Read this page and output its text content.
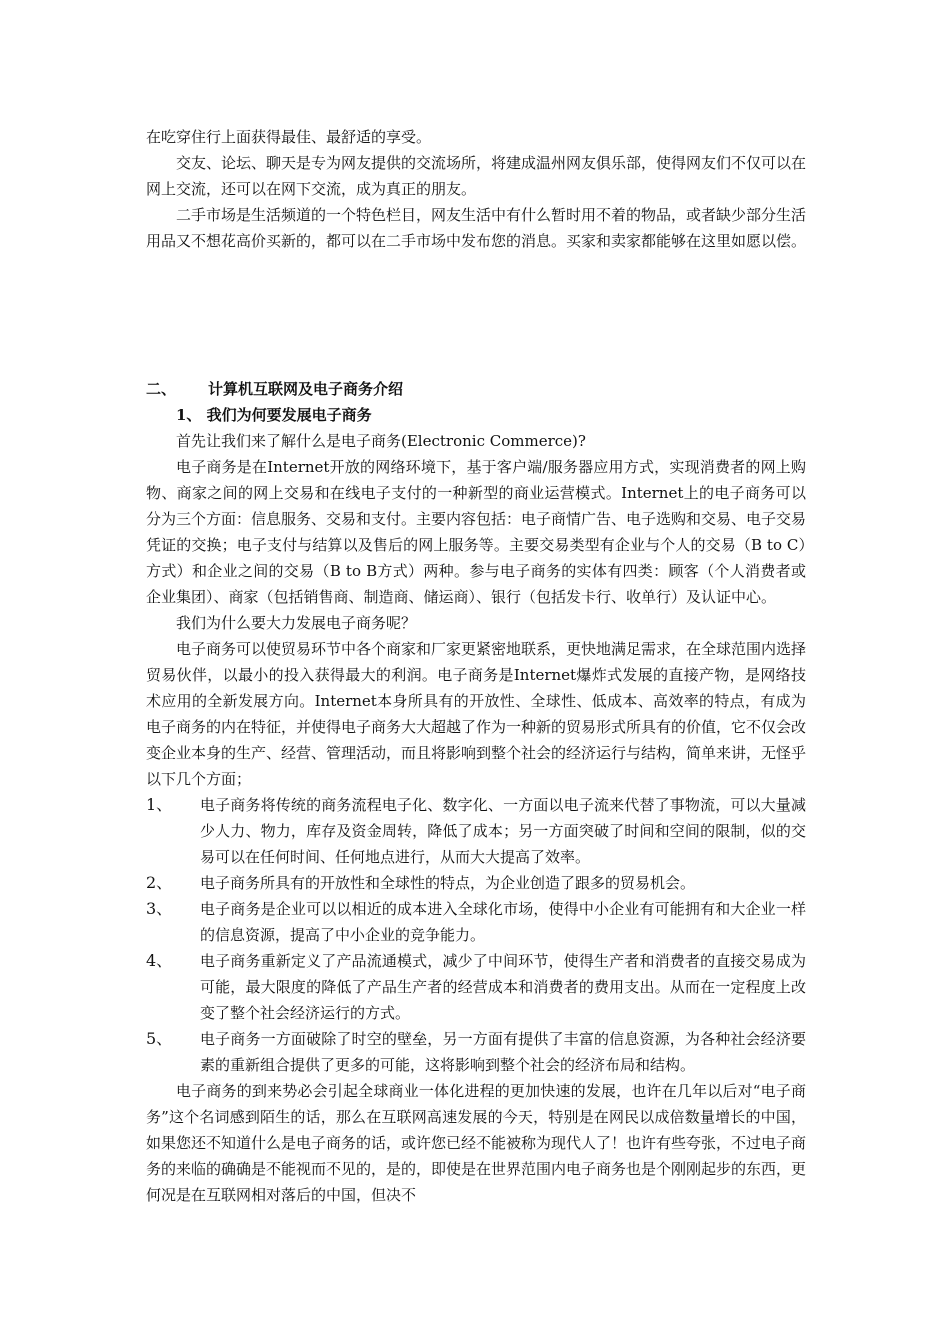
在吃穿住行上面获得最佳、最舒适的享受。

交友、论坛、聊天是专为网友提供的交流场所，将建成温州网友俱乐部，使得网友们不仅可以在网上交流，还可以在网下交流，成为真正的朋友。

二手市场是生活频道的一个特色栏目，网友生活中有什么暂时用不着的物品，或者缺少部分生活用品又不想花高价买新的，都可以在二手市场中发布您的消息。买家和卖家都能够在这里如愿以偿。

二、 计算机互联网及电子商务介绍
1、 我们为何要发展电子商务

首先让我们来了解什么是电子商务(Electronic Commerce)?

电子商务是在Internet开放的网络环境下，基于客户端/服务器应用方式，实现消费者的网上购物、商家之间的网上交易和在线电子支付的一种新型的商业运营模式。Internet上的电子商务可以分为三个方面：信息服务、交易和支付。主要内容包括：电子商情广告、电子选购和交易、电子交易凭证的交换；电子支付与结算以及售后的网上服务等。主要交易类型有企业与个人的交易（B to C）方式）和企业之间的交易（B to B方式）两种。参与电子商务的实体有四类：顾客（个人消费者或企业集团）、商家（包括销售商、制造商、储运商）、银行（包括发卡行、收单行）及认证中心。

我们为什么要大力发展电子商务呢？

电子商务可以使贸易环节中各个商家和厂家更紧密地联系，更快地满足需求，在全球范围内选择贸易伙伴，以最小的投入获得最大的利润。电子商务是Internet爆炸式发展的直接产物，是网络技术应用的全新发展方向。Internet本身所具有的开放性、全球性、低成本、高效率的特点，有成为电子商务的内在特征，并使得电子商务大大超越了作为一种新的贸易形式所具有的价值，它不仅会改变企业本身的生产、经营、管理活动，而且将影响到整个社会的经济运行与结构，简单来讲，无怪乎以下几个方面；

1、	电子商务将传统的商务流程电子化、数字化、一方面以电子流来代替了事物流，可以大量减少人力、物力，库存及资金周转，降低了成本；另一方面突破了时间和空间的限制，似的交易可以在任何时间、任何地点进行，从而大大提高了效率。

2、	电子商务所具有的开放性和全球性的特点，为企业创造了跟多的贸易机会。

3、	电子商务是企业可以以相近的成本进入全球化市场，使得中小企业有可能拥有和大企业一样的信息资源，提高了中小企业的竞争能力。

4、	电子商务重新定义了产品流通模式，减少了中间环节，使得生产者和消费者的直接交易成为可能，最大限度的降低了产品生产者的经营成本和消费者的费用支出。从而在一定程度上改变了整个社会经济运行的方式。

5、	电子商务一方面破除了时空的壁垒，另一方面有提供了丰富的信息资源，为各种社会经济要素的重新组合提供了更多的可能，这将影响到整个社会的经济布局和结构。

电子商务的到来势必会引起全球商业一体化进程的更加快速的发展，也许在几年以后对“电子商务”这个名词感到陌生的话，那么在互联网高速发展的今天，特别是在网民以成倍数量增长的中国，如果您还不知道什么是电子商务的话，或许您已经不能被称为现代人了！也许有些夸张，不过电子商务的来临的确确是不能视而不见的，是的，即使是在世界范围内电子商务也是个刚刚起步的东西，更何况是在互联网相对落后的中国，但决不
